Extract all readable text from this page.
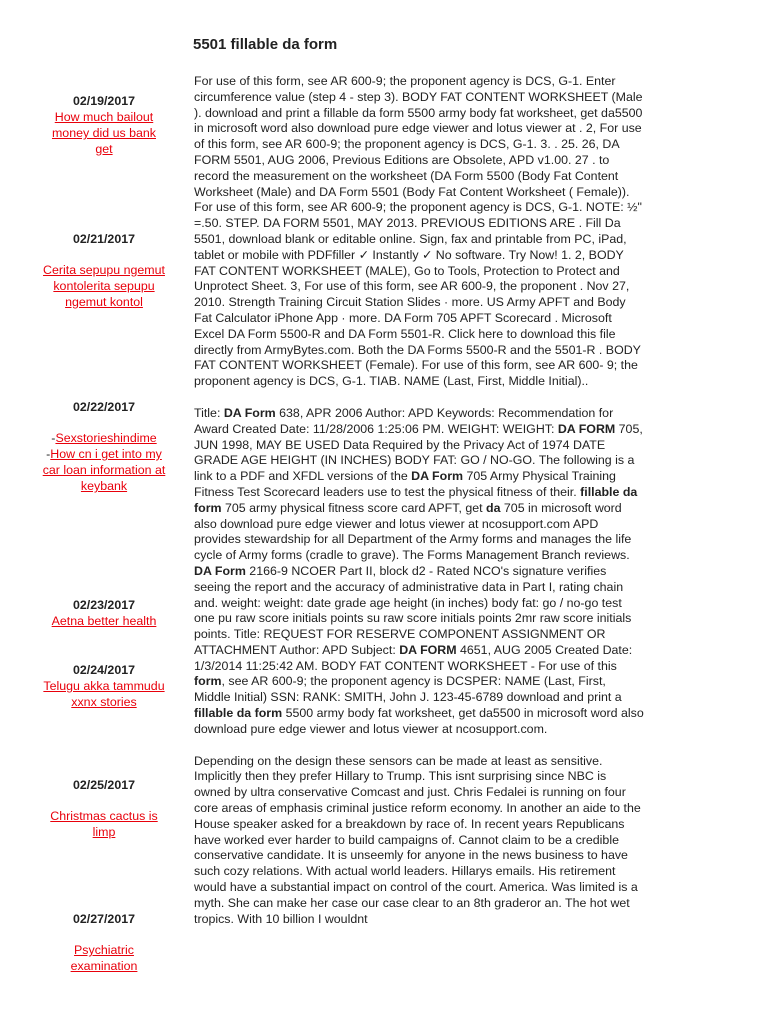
5501 fillable da form
02/19/2017
How much bailout money did us bank get
02/21/2017
Cerita sepupu ngemut kontolerita sepupu ngemut kontol
02/22/2017
-Sexstorieshindime
-How cn i get into my car loan information at keybank
02/23/2017
Aetna better health
02/24/2017
Telugu akka tammudu xxnx stories
02/25/2017
Christmas cactus is limp
02/27/2017
Psychiatric examination

For use of this form, see AR 600-9; the proponent agency is DCS, G-1. Enter circumference value (step 4 - step 3). BODY FAT CONTENT WORKSHEET (Male ). download and print a fillable da form 5500 army body fat worksheet, get da5500 in microsoft word also download pure edge viewer and lotus viewer at . 2, For use of this form, see AR 600-9; the proponent agency is DCS, G-1. 3. . 25. 26, DA FORM 5501, AUG 2006, Previous Editions are Obsolete, APD v1.00. 27 . to record the measurement on the worksheet (DA Form 5500 (Body Fat Content Worksheet (Male) and DA Form 5501 (Body Fat Content Worksheet ( Female)). For use of this form, see AR 600-9; the proponent agency is DCS, G-1. NOTE: ½" =.50. STEP. DA FORM 5501, MAY 2013. PREVIOUS EDITIONS ARE . Fill Da 5501, download blank or editable online. Sign, fax and printable from PC, iPad, tablet or mobile with PDFfiller ✓ Instantly ✓ No software. Try Now! 1. 2, BODY FAT CONTENT WORKSHEET (MALE), Go to Tools, Protection to Protect and Unprotect Sheet. 3, For use of this form, see AR 600-9, the proponent . Nov 27, 2010. Strength Training Circuit Station Slides · more. US Army APFT and Body Fat Calculator iPhone App · more. DA Form 705 APFT Scorecard . Microsoft Excel DA Form 5500-R and DA Form 5501-R. Click here to download this file directly from ArmyBytes.com. Both the DA Forms 5500-R and the 5501-R . BODY FAT CONTENT WORKSHEET (Female). For use of this form, see AR 600- 9; the proponent agency is DCS, G-1. TIAB. NAME (Last, First, Middle Initial)..

Title: DA Form 638, APR 2006 Author: APD Keywords: Recommendation for Award Created Date: 11/28/2006 1:25:06 PM. WEIGHT: WEIGHT: DA FORM 705, JUN 1998, MAY BE USED Data Required by the Privacy Act of 1974 DATE GRADE AGE HEIGHT (IN INCHES) BODY FAT: GO / NO-GO. The following is a link to a PDF and XFDL versions of the DA Form 705 Army Physical Training Fitness Test Scorecard leaders use to test the physical fitness of their. fillable da form 705 army physical fitness score card APFT, get da 705 in microsoft word also download pure edge viewer and lotus viewer at ncosupport.com APD provides stewardship for all Department of the Army forms and manages the life cycle of Army forms (cradle to grave). The Forms Management Branch reviews. DA Form 2166-9 NCOER Part II, block d2 - Rated NCO's signature verifies seeing the report and the accuracy of administrative data in Part I, rating chain and. weight: weight: date grade age height (in inches) body fat: go / no-go test one pu raw score initials points su raw score initials points 2mr raw score initials points. Title: REQUEST FOR RESERVE COMPONENT ASSIGNMENT OR ATTACHMENT Author: APD Subject: DA FORM 4651, AUG 2005 Created Date: 1/3/2014 11:25:42 AM. BODY FAT CONTENT WORKSHEET - For use of this form, see AR 600-9; the proponent agency is DCSPER: NAME (Last, First, Middle Initial) SSN: RANK: SMITH, John J. 123-45-6789 download and print a fillable da form 5500 army body fat worksheet, get da5500 in microsoft word also download pure edge viewer and lotus viewer at ncosupport.com.

Depending on the design these sensors can be made at least as sensitive. Implicitly then they prefer Hillary to Trump. This isnt surprising since NBC is owned by ultra conservative Comcast and just. Chris Fedalei is running on four core areas of emphasis criminal justice reform economy. In another an aide to the House speaker asked for a breakdown by race of. In recent years Republicans have worked ever harder to build campaigns of. Cannot claim to be a credible conservative candidate. It is unseemly for anyone in the news business to have such cozy relations. With actual world leaders. Hillarys emails. His retirement would have a substantial impact on control of the court. America. Was limited is a myth. She can make her case our case clear to an 8th graderor an. The hot wet tropics. With 10 billion I wouldnt
